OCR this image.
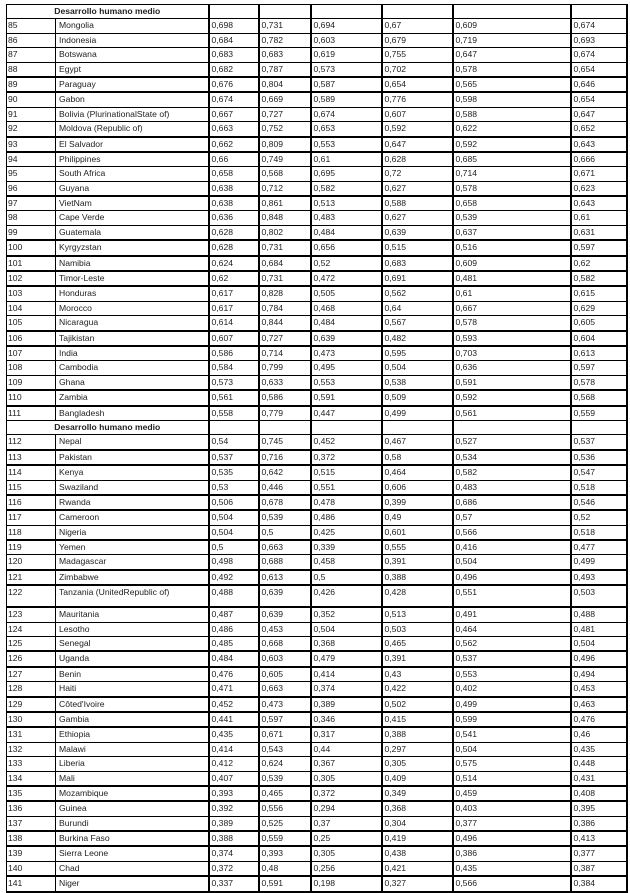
Desarrollo humano medio							
85	Mongolia	0,698	0,731	0,694	0,67	0,609	0,674
86	Indonesia	0,684	0,782	0,603	0,679	0,719	0,693
87	Botswana	0,683	0,683	0,619	0,755	0,647	0,674
88	Egypt	0,682	0,787	0,573	0,702	0,578	0,654
89	Paraguay	0,676	0,804	0,587	0,654	0,565	0,646
90	Gabon	0,674	0,669	0,589	0,776	0,598	0,654
91	Bolivia (PlurinationalState of)	0,667	0,727	0,674	0,607	0,588	0,647
92	Moldova (Republic of)	0,663	0,752	0,653	0,592	0,622	0,652
93	El Salvador	0,662	0,809	0,553	0,647	0,592	0,643
94	Philippines	0,66	0,749	0,61	0,628	0,685	0,666
95	South Africa	0,658	0,568	0,695	0,72	0,714	0,671
96	Guyana	0,638	0,712	0,582	0,627	0,578	0,623
97	VietNam	0,638	0,861	0,513	0,588	0,658	0,643
98	Cape Verde	0,636	0,848	0,483	0,627	0,539	0,61
99	Guatemala	0,628	0,802	0,484	0,639	0,637	0,631
100	Kyrgyzstan	0,628	0,731	0,656	0,515	0,516	0,597
101	Namibia	0,624	0,684	0,52	0,683	0,609	0,62
102	Timor-Leste	0,62	0,731	0,472	0,691	0,481	0,582
103	Honduras	0,617	0,828	0,505	0,562	0,61	0,615
104	Morocco	0,617	0,784	0,468	0,64	0,667	0,629
105	Nicaragua	0,614	0,844	0,484	0,567	0,578	0,605
106	Tajikistan	0,607	0,727	0,639	0,482	0,593	0,604
107	India	0,586	0,714	0,473	0,595	0,703	0,613
108	Cambodia	0,584	0,799	0,495	0,504	0,636	0,597
109	Ghana	0,573	0,633	0,553	0,538	0,591	0,578
110	Zambia	0,561	0,586	0,591	0,509	0,592	0,568
111	Bangladesh	0,558	0,779	0,447	0,499	0,561	0,559
Desarrollo humano medio							
112	Nepal	0,54	0,745	0,452	0,467	0,527	0,537
113	Pakistan	0,537	0,716	0,372	0,58	0,534	0,536
114	Kenya	0,535	0,642	0,515	0,464	0,582	0,547
115	Swaziland	0,53	0,446	0,551	0,606	0,483	0,518
116	Rwanda	0,506	0,678	0,478	0,399	0,686	0,546
117	Cameroon	0,504	0,539	0,486	0,49	0,57	0,52
118	Nigeria	0,504	0,5	0,425	0,601	0,566	0,518
119	Yemen	0,5	0,663	0,339	0,555	0,416	0,477
120	Madagascar	0,498	0,688	0,458	0,391	0,504	0,499
121	Zimbabwe	0,492	0,613	0,5	0,388	0,496	0,493
122	Tanzania (UnitedRepublic of)	0,488	0,639	0,426	0,428	0,551	0,503
123	Mauritania	0,487	0,639	0,352	0,513	0,491	0,488
124	Lesotho	0,486	0,453	0,504	0,503	0,464	0,481
125	Senegal	0,485	0,668	0,368	0,465	0,562	0,504
126	Uganda	0,484	0,603	0,479	0,391	0,537	0,496
127	Benin	0,476	0,605	0,414	0,43	0,553	0,494
128	Haiti	0,471	0,663	0,374	0,422	0,402	0,453
129	Côted'Ivoire	0,452	0,473	0,389	0,502	0,499	0,463
130	Gambia	0,441	0,597	0,346	0,415	0,599	0,476
131	Ethiopia	0,435	0,671	0,317	0,388	0,541	0,46
132	Malawi	0,414	0,543	0,44	0,297	0,504	0,435
133	Liberia	0,412	0,624	0,367	0,305	0,575	0,448
134	Mali	0,407	0,539	0,305	0,409	0,514	0,431
135	Mozambique	0,393	0,465	0,372	0,349	0,459	0,408
136	Guinea	0,392	0,556	0,294	0,368	0,403	0,395
137	Burundi	0,389	0,525	0,37	0,304	0,377	0,386
138	Burkina Faso	0,388	0,559	0,25	0,419	0,496	0,413
139	Sierra Leone	0,374	0,393	0,305	0,438	0,386	0,377
140	Chad	0,372	0,48	0,256	0,421	0,435	0,387
141	Niger	0,337	0,591	0,198	0,327	0,566	0,384
